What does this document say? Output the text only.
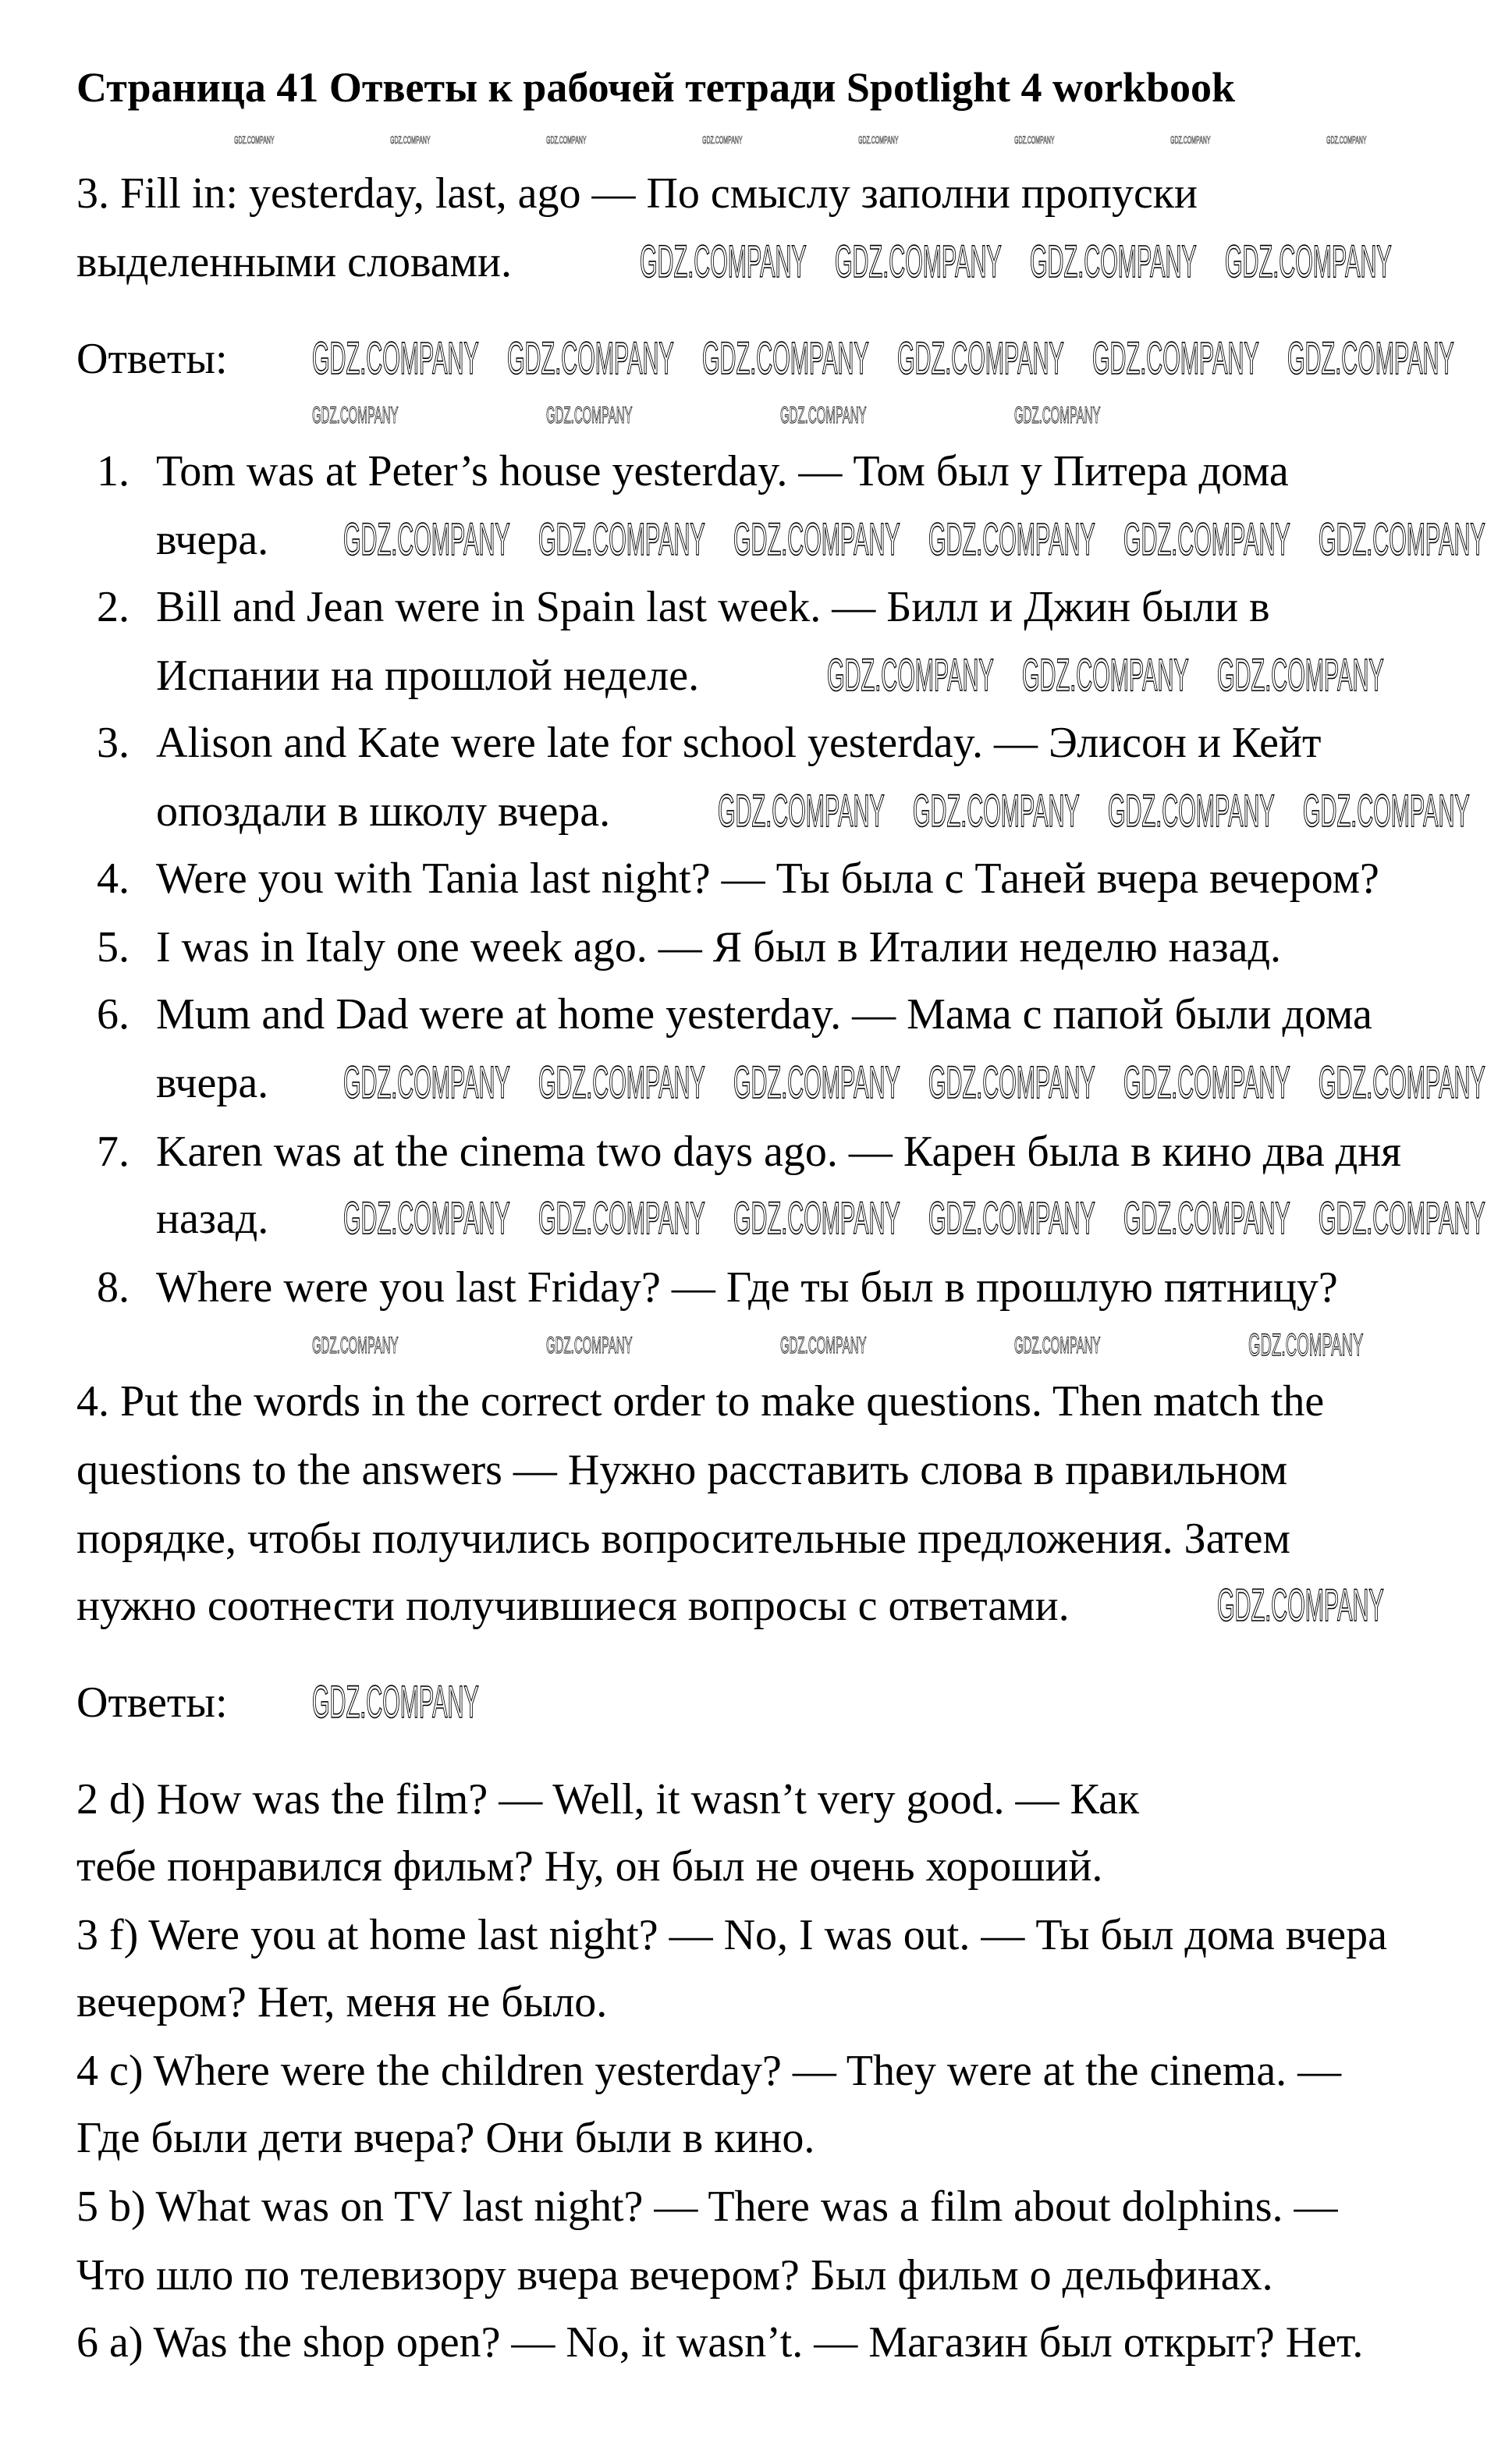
Страница 41 Ответы к рабочей тетради Spotlight 4 workbook
3. Fill in: yesterday, last, ago — По смыслу заполни пропуски
выделенными словами.
Ответы:
1. Tom was at Peter’s house yesterday. — Том был у Питера дома
вчера.
2. Bill and Jean were in Spain last week. — Билл и Джин были в
Испании на прошлой неделе.
3. Alison and Kate were late for school yesterday. — Элисон и Кейт
опоздали в школу вчера.
4. Were you with Tania last night? — Ты была с Таней вчера вечером?
5. I was in Italy one week ago. — Я был в Италии неделю назад.
6. Mum and Dad were at home yesterday. — Мама с папой были дома
вчера.
7. Karen was at the cinema two days ago. — Карен была в кино два дня
назад.
8. Where were you last Friday? — Где ты был в прошлую пятницу?
4. Put the words in the correct order to make questions. Then match the
questions to the answers — Нужно расставить слова в правильном
порядке, чтобы получились вопросительные предложения. Затем
нужно соотнести получившиеся вопросы с ответами.
Ответы:
2 d) How was the film? — Well, it wasn’t very good. — Как
тебе понравился фильм? Ну, он был не очень хороший.
3 f) Were you at home last night? — No, I was out. — Ты был дома вчера
вечером? Нет, меня не было.
4 c) Where were the children yesterday? — They were at the cinema. —
Где были дети вчера? Они были в кино.
5 b) What was on TV last night? — There was a film about dolphins. —
Что шло по телевизору вчера вечером? Был фильм о дельфинах.
6 a) Was the shop open? — No, it wasn’t. — Магазин был открыт? Нет.
GDZ.COMPANY	GDZ.COMPANY	GDZ.COMPANY	GDZ.COMPANY	GDZ.COMPANY	GDZ.COMPANY	GDZ.COMPANY	GDZ.COMPANY
GDZ.COMPANY GDZ.COMPANY GDZ.COMPANY GDZ.COMPANY
GDZ.COMPANY GDZ.COMPANY GDZ.COMPANY GDZ.COMPANY GDZ.COMPANY GDZ.COMPANY
GDZ.COMPANY	GDZ.COMPANY	GDZ.COMPANY	GDZ.COMPANY
GDZ.COMPANY GDZ.COMPANY GDZ.COMPANY GDZ.COMPANY GDZ.COMPANY GDZ.COMPANY
GDZ.COMPANY GDZ.COMPANY GDZ.COMPANY
GDZ.COMPANY GDZ.COMPANY GDZ.COMPANY GDZ.COMPANY
GDZ.COMPANY GDZ.COMPANY GDZ.COMPANY GDZ.COMPANY GDZ.COMPANY GDZ.COMPANY
GDZ.COMPANY GDZ.COMPANY GDZ.COMPANY GDZ.COMPANY GDZ.COMPANY GDZ.COMPANY
GDZ.COMPANY	GDZ.COMPANY	GDZ.COMPANY	GDZ.COMPANY	GDZ.COMPANY
GDZ.COMPANY
GDZ.COMPANY
